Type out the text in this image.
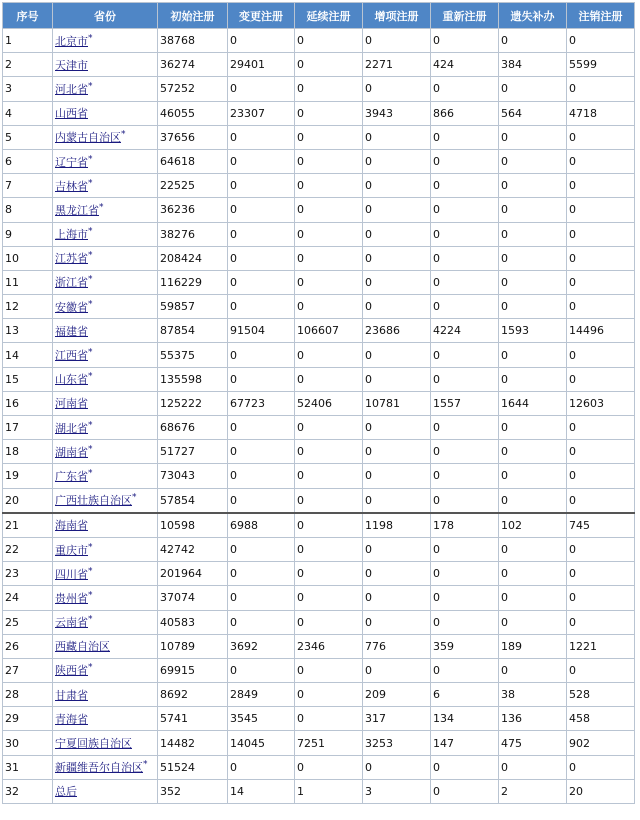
序号	省份	初始注册	变更注册	延续注册	增项注册	重新注册	遗失补办	注销注册
1	北京市*	38768	0	0	0	0	0	0
2	天津市	36274	29401	0	2271	424	384	5599
3	河北省*	57252	0	0	0	0	0	0
4	山西省	46055	23307	0	3943	866	564	4718
5	内蒙古自治区*	37656	0	0	0	0	0	0
6	辽宁省*	64618	0	0	0	0	0	0
7	吉林省*	22525	0	0	0	0	0	0
8	黑龙江省*	36236	0	0	0	0	0	0
9	上海市*	38276	0	0	0	0	0	0
10	江苏省*	208424	0	0	0	0	0	0
11	浙江省*	116229	0	0	0	0	0	0
12	安徽省*	59857	0	0	0	0	0	0
13	福建省	87854	91504	106607	23686	4224	1593	14496
14	江西省*	55375	0	0	0	0	0	0
15	山东省*	135598	0	0	0	0	0	0
16	河南省	125222	67723	52406	10781	1557	1644	12603
17	湖北省*	68676	0	0	0	0	0	0
18	湖南省*	51727	0	0	0	0	0	0
19	广东省*	73043	0	0	0	0	0	0
20	广西壮族自治区*	57854	0	0	0	0	0	0
21	海南省	10598	6988	0	1198	178	102	745
22	重庆市*	42742	0	0	0	0	0	0
23	四川省*	201964	0	0	0	0	0	0
24	贵州省*	37074	0	0	0	0	0	0
25	云南省*	40583	0	0	0	0	0	0
26	西藏自治区	10789	3692	2346	776	359	189	1221
27	陕西省*	69915	0	0	0	0	0	0
28	甘肃省	8692	2849	0	209	6	38	528
29	青海省	5741	3545	0	317	134	136	458
30	宁夏回族自治区	14482	14045	7251	3253	147	475	902
31	新疆维吾尔自治区*	51524	0	0	0	0	0	0
32	总后	352	14	1	3	0	2	20
